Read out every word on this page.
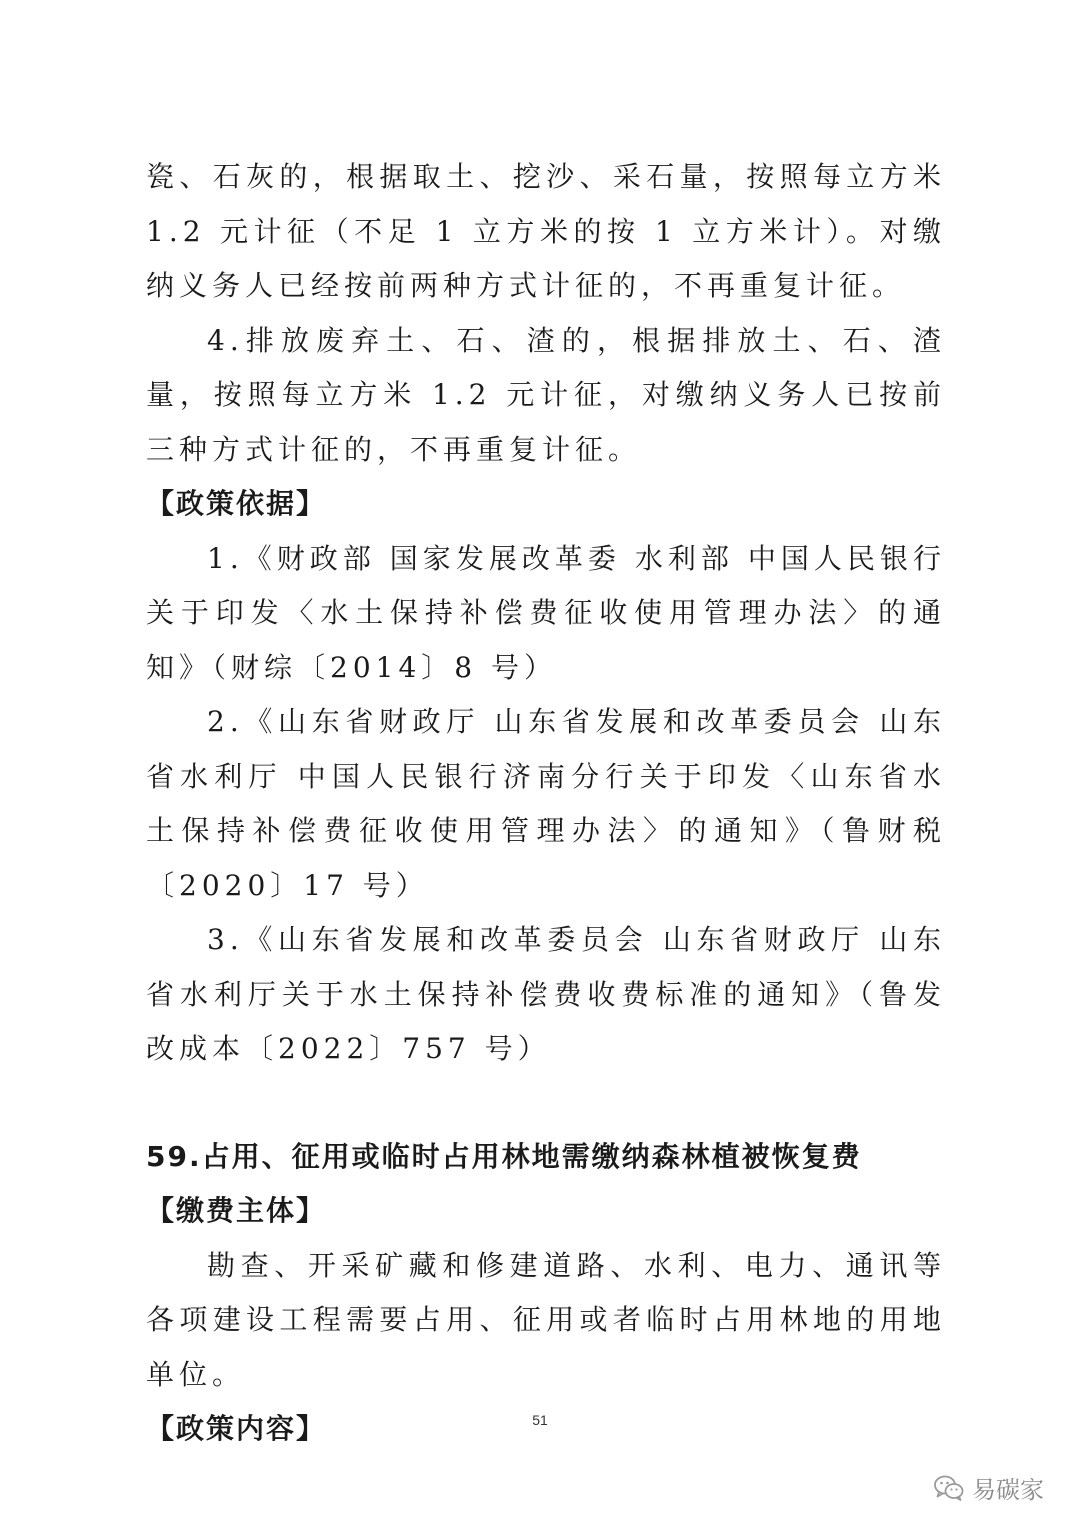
瓷、石灰的，根据取土、挖沙、采石量，按照每立方米 1.2 元计征（不足 1 立方米的按 1 立方米计）。对缴纳义务人已经按前两种方式计征的，不再重复计征。

4.排放废弃土、石、渣的，根据排放土、石、渣量，按照每立方米 1.2 元计征，对缴纳义务人已按前三种方式计征的，不再重复计征。

【政策依据】

1.《财政部 国家发展改革委 水利部 中国人民银行关于印发〈水土保持补偿费征收使用管理办法〉的通知》（财综〔2014〕8 号）

2.《山东省财政厅 山东省发展和改革委员会 山东省水利厅 中国人民银行济南分行关于印发〈山东省水土保持补偿费征收使用管理办法〉的通知》（鲁财税〔2020〕17 号）

3.《山东省发展和改革委员会 山东省财政厅 山东省水利厅关于水土保持补偿费收费标准的通知》（鲁发改成本〔2022〕757 号）

59.占用、征用或临时占用林地需缴纳森林植被恢复费
【缴费主体】

勘查、开采矿藏和修建道路、水利、电力、通讯等各项建设工程需要占用、征用或者临时占用林地的用地单位。

【政策内容】	51
易碳家
